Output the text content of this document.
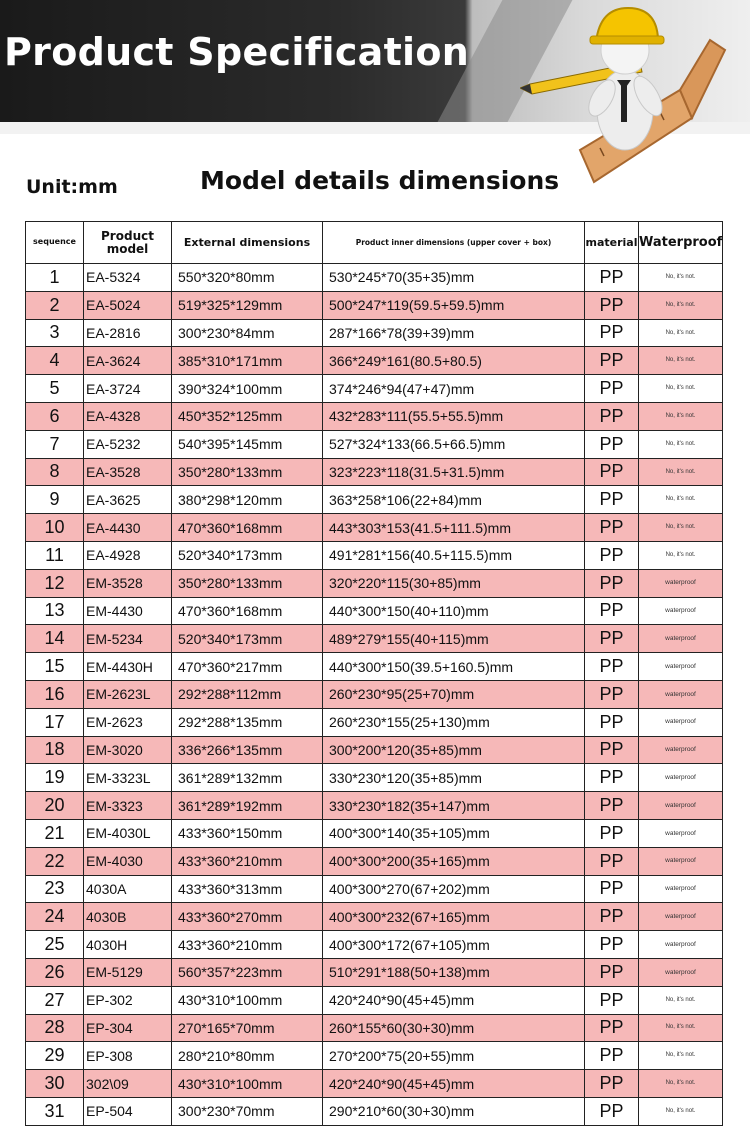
Product Specification
Unit:mm	Model details dimensions
sequence	Product model	External dimensions	Product inner dimensions (upper cover + box)	material	Waterproof
1	EA-5324	550*320*80mm	530*245*70(35+35)mm	PP	No, it's not.
2	EA-5024	519*325*129mm	500*247*119(59.5+59.5)mm	PP	No, it's not.
3	EA-2816	300*230*84mm	287*166*78(39+39)mm	PP	No, it's not.
4	EA-3624	385*310*171mm	366*249*161(80.5+80.5)	PP	No, it's not.
5	EA-3724	390*324*100mm	374*246*94(47+47)mm	PP	No, it's not.
6	EA-4328	450*352*125mm	432*283*111(55.5+55.5)mm	PP	No, it's not.
7	EA-5232	540*395*145mm	527*324*133(66.5+66.5)mm	PP	No, it's not.
8	EA-3528	350*280*133mm	323*223*118(31.5+31.5)mm	PP	No, it's not.
9	EA-3625	380*298*120mm	363*258*106(22+84)mm	PP	No, it's not.
10	EA-4430	470*360*168mm	443*303*153(41.5+111.5)mm	PP	No, it's not.
11	EA-4928	520*340*173mm	491*281*156(40.5+115.5)mm	PP	No, it's not.
12	EM-3528	350*280*133mm	320*220*115(30+85)mm	PP	waterproof
13	EM-4430	470*360*168mm	440*300*150(40+110)mm	PP	waterproof
14	EM-5234	520*340*173mm	489*279*155(40+115)mm	PP	waterproof
15	EM-4430H	470*360*217mm	440*300*150(39.5+160.5)mm	PP	waterproof
16	EM-2623L	292*288*112mm	260*230*95(25+70)mm	PP	waterproof
17	EM-2623	292*288*135mm	260*230*155(25+130)mm	PP	waterproof
18	EM-3020	336*266*135mm	300*200*120(35+85)mm	PP	waterproof
19	EM-3323L	361*289*132mm	330*230*120(35+85)mm	PP	waterproof
20	EM-3323	361*289*192mm	330*230*182(35+147)mm	PP	waterproof
21	EM-4030L	433*360*150mm	400*300*140(35+105)mm	PP	waterproof
22	EM-4030	433*360*210mm	400*300*200(35+165)mm	PP	waterproof
23	4030A	433*360*313mm	400*300*270(67+202)mm	PP	waterproof
24	4030B	433*360*270mm	400*300*232(67+165)mm	PP	waterproof
25	4030H	433*360*210mm	400*300*172(67+105)mm	PP	waterproof
26	EM-5129	560*357*223mm	510*291*188(50+138)mm	PP	waterproof
27	EP-302	430*310*100mm	420*240*90(45+45)mm	PP	No, it's not.
28	EP-304	270*165*70mm	260*155*60(30+30)mm	PP	No, it's not.
29	EP-308	280*210*80mm	270*200*75(20+55)mm	PP	No, it's not.
30	302\09	430*310*100mm	420*240*90(45+45)mm	PP	No, it's not.
31	EP-504	300*230*70mm	290*210*60(30+30)mm	PP	No, it's not.
